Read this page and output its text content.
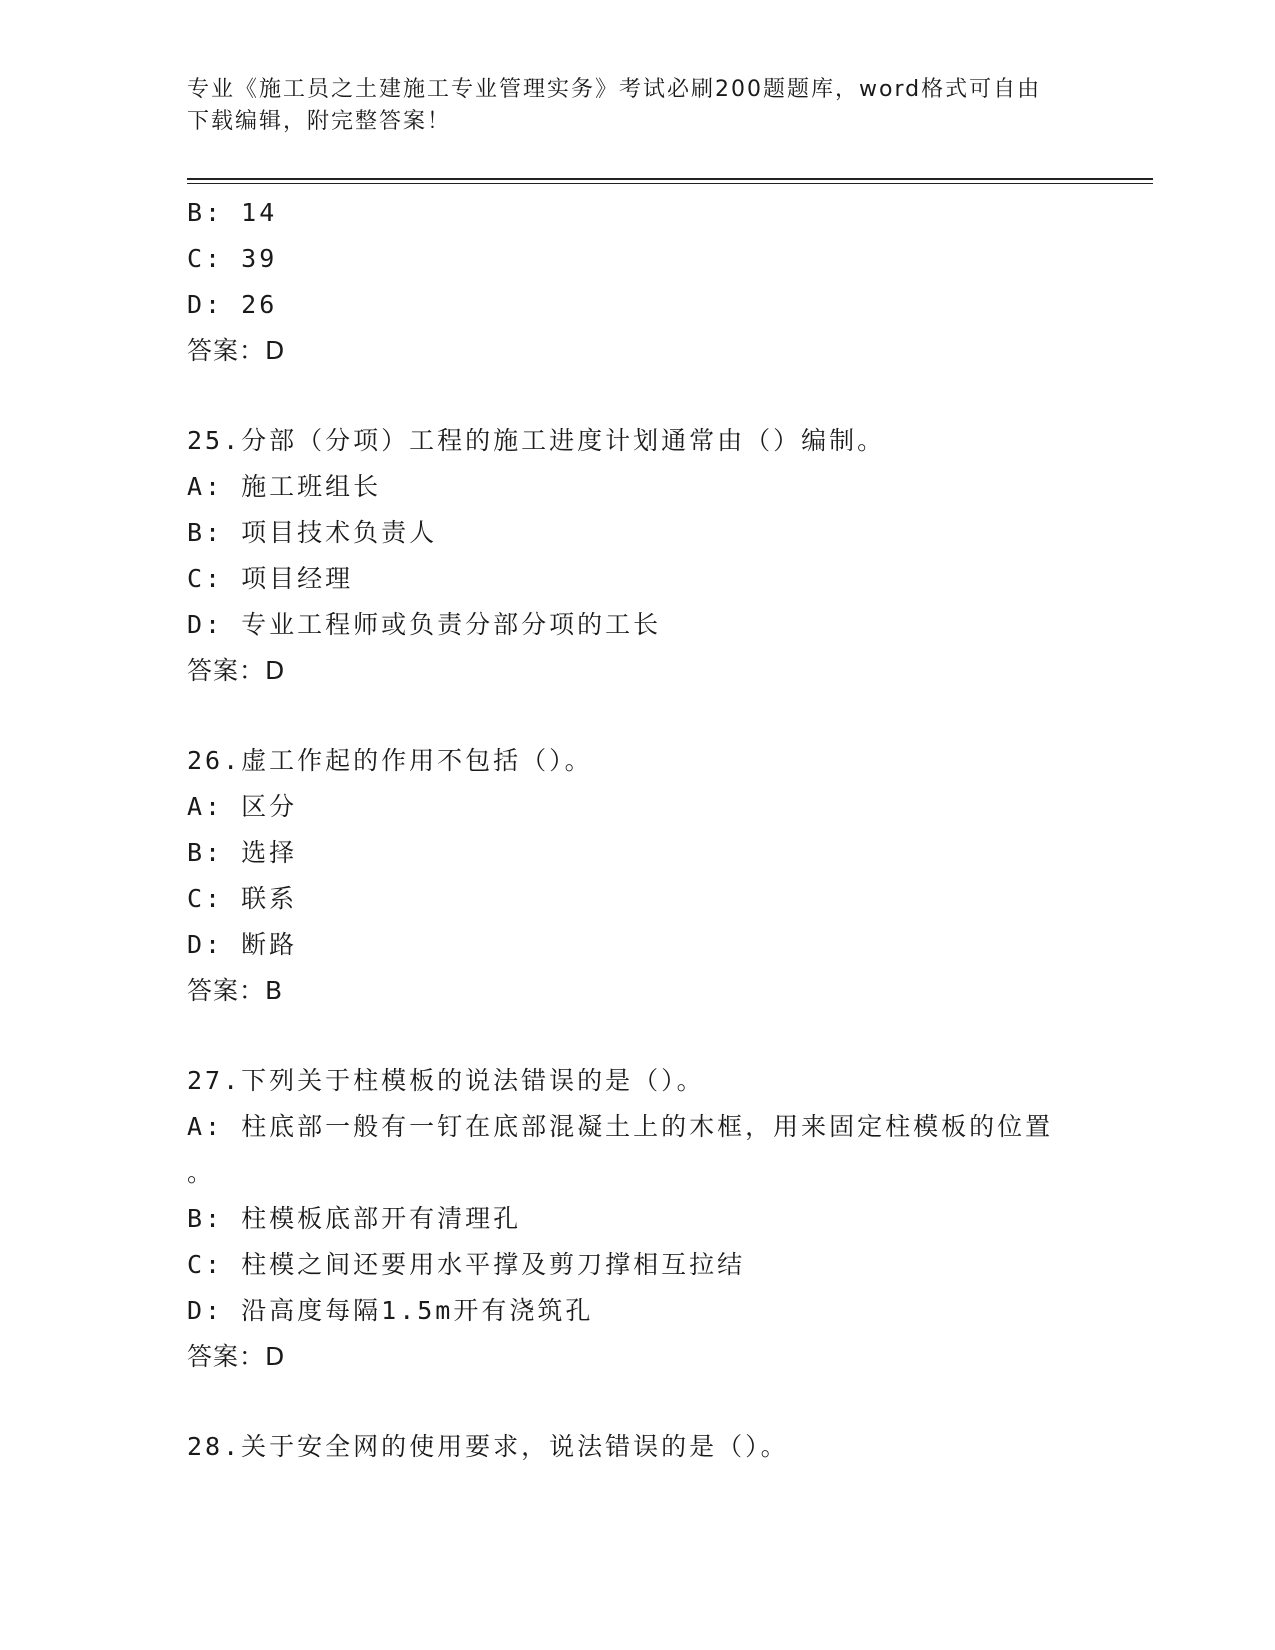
专业《施工员之土建施工专业管理实务》考试必刷200题题库，word格式可自由
下载编辑，附完整答案！
B: 14
C: 39
D: 26
答案：D
25.分部（分项）工程的施工进度计划通常由（）编制。
A: 施工班组长
B: 项目技术负责人
C: 项目经理
D: 专业工程师或负责分部分项的工长
答案：D
26.虚工作起的作用不包括（）。
A: 区分
B: 选择
C: 联系
D: 断路
答案：B
27.下列关于柱模板的说法错误的是（）。
A: 柱底部一般有一钉在底部混凝土上的木框，用来固定柱模板的位置
。
B: 柱模板底部开有清理孔
C: 柱模之间还要用水平撑及剪刀撑相互拉结
D: 沿高度每隔1.5m开有浇筑孔
答案：D
28.关于安全网的使用要求，说法错误的是（）。
